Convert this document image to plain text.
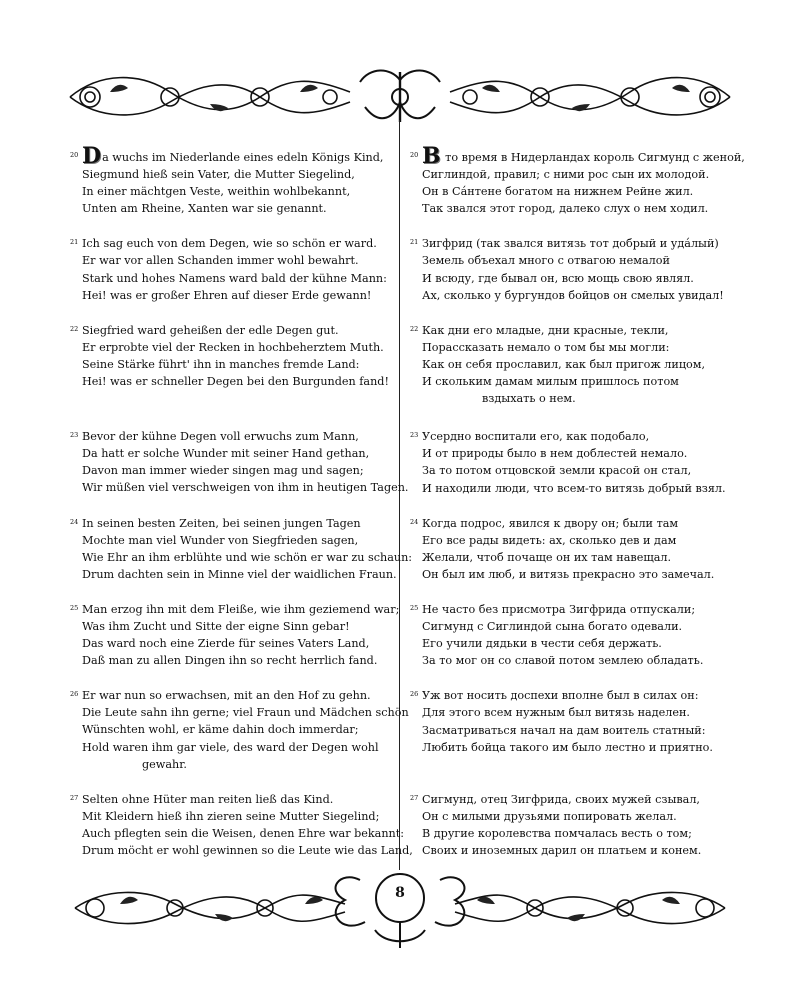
20 Da wuchs im Niederlande eines edeln Königs Kind,
Siegmund hieß sein Vater, die Mutter Siegelind,
In einer mächtgen Veste, weithin wohlbekannt,
Unten am Rheine, Xanten war sie genannt.
21 Ich sag euch von dem Degen, wie so schön er ward.
Er war vor allen Schanden immer wohl bewahrt.
Stark und hohes Namens ward bald der kühne Mann:
Hei! was er großer Ehren auf dieser Erde gewann!
22 Siegfried ward geheißen der edle Degen gut.
Er erprobte viel der Recken in hochbeherztem Muth.
Seine Stärke führt' ihn in manches fremde Land:
Hei! was er schneller Degen bei den Burgunden fand!
23 Bevor der kühne Degen voll erwuchs zum Mann,
Da hatt er solche Wunder mit seiner Hand gethan,
Davon man immer wieder singen mag und sagen;
Wir müßen viel verschweigen von ihm in heutigen Tagen.
24 In seinen besten Zeiten, bei seinen jungen Tagen
Mochte man viel Wunder von Siegfrieden sagen,
Wie Ehr an ihm erblühte und wie schön er war zu schaun:
Drum dachten sein in Minne viel der waidlichen Fraun.
25 Man erzog ihn mit dem Fleiße, wie ihm geziemend war;
Was ihm Zucht und Sitte der eigne Sinn gebar!
Das ward noch eine Zierde für seines Vaters Land,
Daß man zu allen Dingen ihn so recht herrlich fand.
26 Er war nun so erwachsen, mit an den Hof zu gehn.
Die Leute sahn ihn gerne; viel Fraun und Mädchen schön
Wünschten wohl, er käme dahin doch immerdar;
Hold waren ihm gar viele, des ward der Degen wohl
gewahr.
27 Selten ohne Hüter man reiten ließ das Kind.
Mit Kleidern hieß ihn zieren seine Mutter Siegelind;
Auch pflegten sein die Weisen, denen Ehre war bekannt:
Drum möcht er wohl gewinnen so die Leute wie das Land,
20 В то время в Нидерландах король Сигмунд с женой,
Сиглиндой, правил; с ними рос сын их молодой.
Он в Сáнтене богатом на нижнем Рейне жил.
Так звался этот город, далеко слух о нем ходил.
21 Зигфрид (так звался витязь тот добрый и удáлый)
Земель объехал много с отвагою немалой
И всюду, где бывал он, всю мощь свою являл.
Ах, сколько у бургундов бойцов он смелых увидал!
22 Как дни его младые, дни красные, текли,
Порассказать немало о том бы мы могли:
Как он себя прославил, как был пригож лицом,
И скольким дамам милым пришлось потом
вздыхать о нем.
23 Усердно воспитали его, как подобало,
И от природы было в нем доблестей немало.
За то потом отцовской земли красой он стал,
И находили люди, что всем-то витязь добрый взял.
24 Когда подрос, явился к двору он; были там
Его все рады видеть: ах, сколько дев и дам
Желали, чтоб почаще он их там навещал.
Он был им люб, и витязь прекрасно это замечал.
25 Не часто без присмотра Зигфрида отпускали;
Сигмунд с Сиглиндой сына богато одевали.
Его учили дядьки в чести себя держать.
За то мог он со славой потом землею обладать.
26 Уж вот носить доспехи вполне был в силах он:
Для этого всем нужным был витязь наделен.
Засматриваться начал на дам воитель статный:
Любить бойца такого им было лестно и приятно.
27 Сигмунд, отец Зигфрида, своих мужей сзывал,
Он с милыми друзьями попировать желал.
В другие королевства помчалась весть о том;
Своих и иноземных дарил он платьем и конем.
8
